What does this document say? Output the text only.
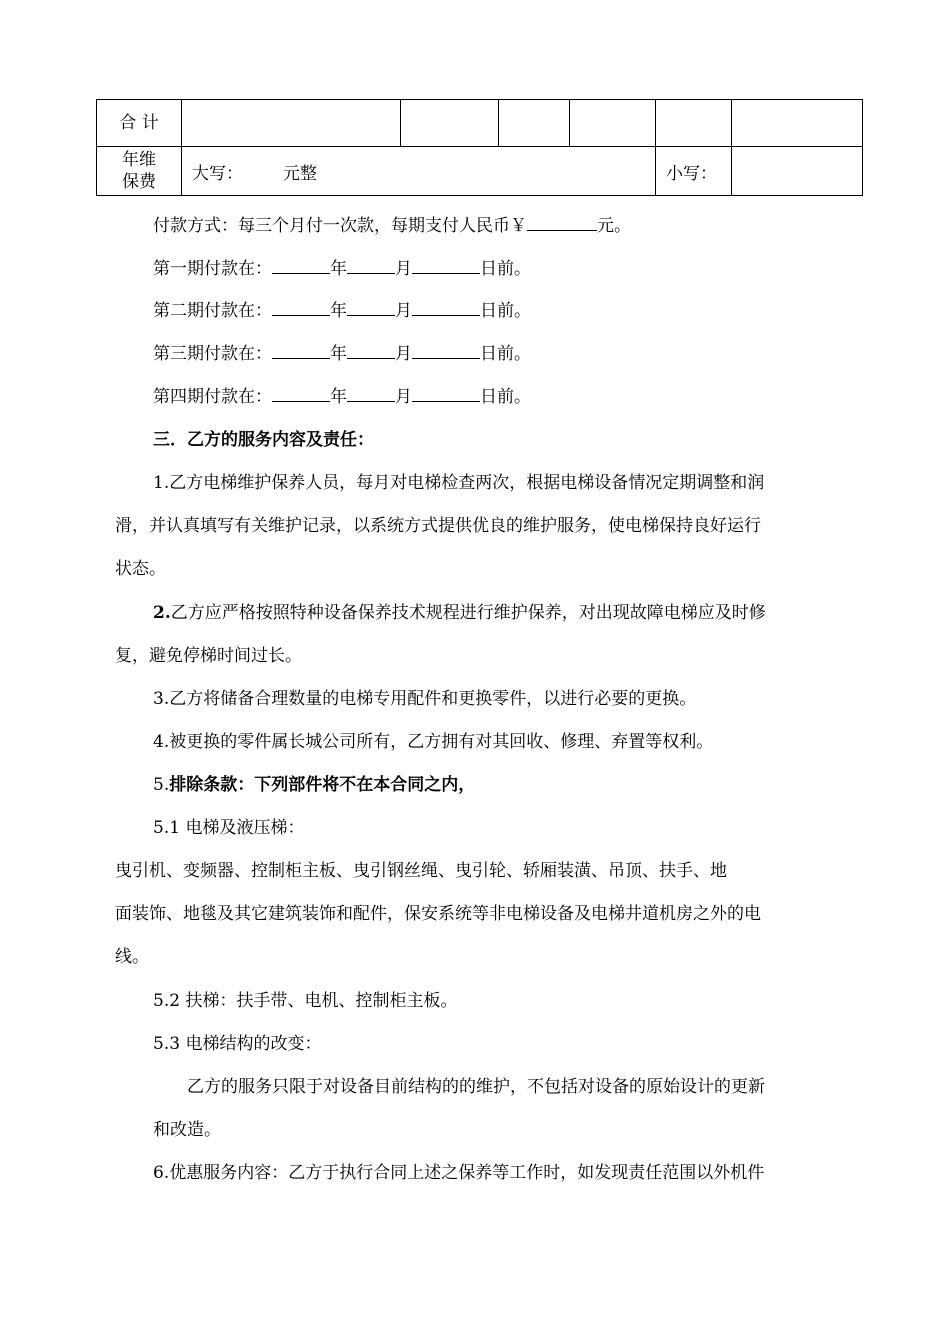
合 计						

年维
保费	大写： 元整				小写：	
付款方式：每三个月付一次款，每期支付人民币￥	元。
第一期付款在：	年	月	日前。
第二期付款在：	年	月	日前。
第三期付款在：	年	月	日前。
第四期付款在：	年	月	日前。
三．乙方的服务内容及责任：
1.乙方电梯维护保养人员，每月对电梯检查两次，根据电梯设备情况定期调整和润
滑，并认真填写有关维护记录，以系统方式提供优良的维护服务，使电梯保持良好运行
状态。
2.乙方应严格按照特种设备保养技术规程进行维护保养，对出现故障电梯应及时修
复，避免停梯时间过长。
3.乙方将储备合理数量的电梯专用配件和更换零件，以进行必要的更换。
4.被更换的零件属长城公司所有，乙方拥有对其回收、修理、弃置等权利。
5.排除条款：下列部件将不在本合同之内，
5.1 电梯及液压梯：
曳引机、变频器、控制柜主板、曳引钢丝绳、曳引轮、轿厢装潢、吊顶、扶手、地
面装饰、地毯及其它建筑装饰和配件，保安系统等非电梯设备及电梯井道机房之外的电
线。
5.2 扶梯：扶手带、电机、控制柜主板。
5.3 电梯结构的改变：
乙方的服务只限于对设备目前结构的的维护，不包括对设备的原始设计的更新
和改造。
6.优惠服务内容：乙方于执行合同上述之保养等工作时，如发现责任范围以外机件
